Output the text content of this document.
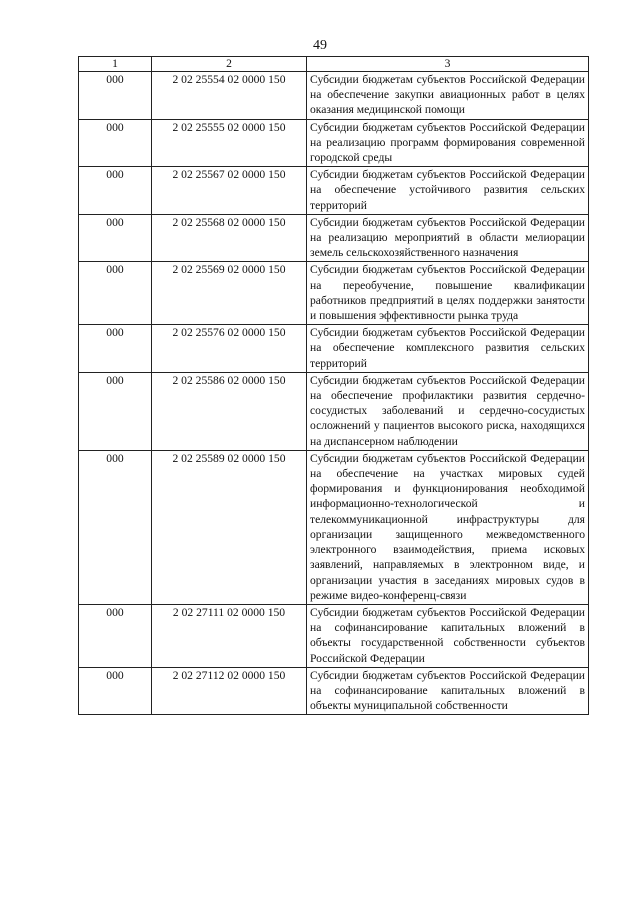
49
1	2	3
000	2 02 25554 02 0000 150	Субсидии бюджетам субъектов Российской Федерации на обеспечение закупки авиационных работ в целях оказания медицинской помощи
000	2 02 25555 02 0000 150	Субсидии бюджетам субъектов Российской Федерации на реализацию программ формирования современной городской среды
000	2 02 25567 02 0000 150	Субсидии бюджетам субъектов Российской Федерации на обеспечение устойчивого развития сельских территорий
000	2 02 25568 02 0000 150	Субсидии бюджетам субъектов Российской Федерации на реализацию мероприятий в области мелиорации земель сельскохозяйственного назначения
000	2 02 25569 02 0000 150	Субсидии бюджетам субъектов Российской Федерации на переобучение, повышение квалификации работников предприятий в целях поддержки занятости и повышения эффективности рынка труда
000	2 02 25576 02 0000 150	Субсидии бюджетам субъектов Российской Федерации на обеспечение комплексного развития сельских территорий
000	2 02 25586 02 0000 150	Субсидии бюджетам субъектов Российской Федерации на обеспечение профилактики развития сердечно-сосудистых заболеваний и сердечно-сосудистых осложнений у пациентов высокого риска, находящихся на диспансерном наблюдении
000	2 02 25589 02 0000 150	Субсидии бюджетам субъектов Российской Федерации на обеспечение на участках мировых судей формирования и функционирования необходимой информационно-технологической и телекоммуникационной инфраструктуры для организации защищенного межведомственного электронного взаимодействия, приема исковых заявлений, направляемых в электронном виде, и организации участия в заседаниях мировых судов в режиме видео-конференц-связи
000	2 02 27111 02 0000 150	Субсидии бюджетам субъектов Российской Федерации на софинансирование капитальных вложений в объекты государственной собственности субъектов Российской Федерации
000	2 02 27112 02 0000 150	Субсидии бюджетам субъектов Российской Федерации на софинансирование капитальных вложений в объекты муниципальной собственности
